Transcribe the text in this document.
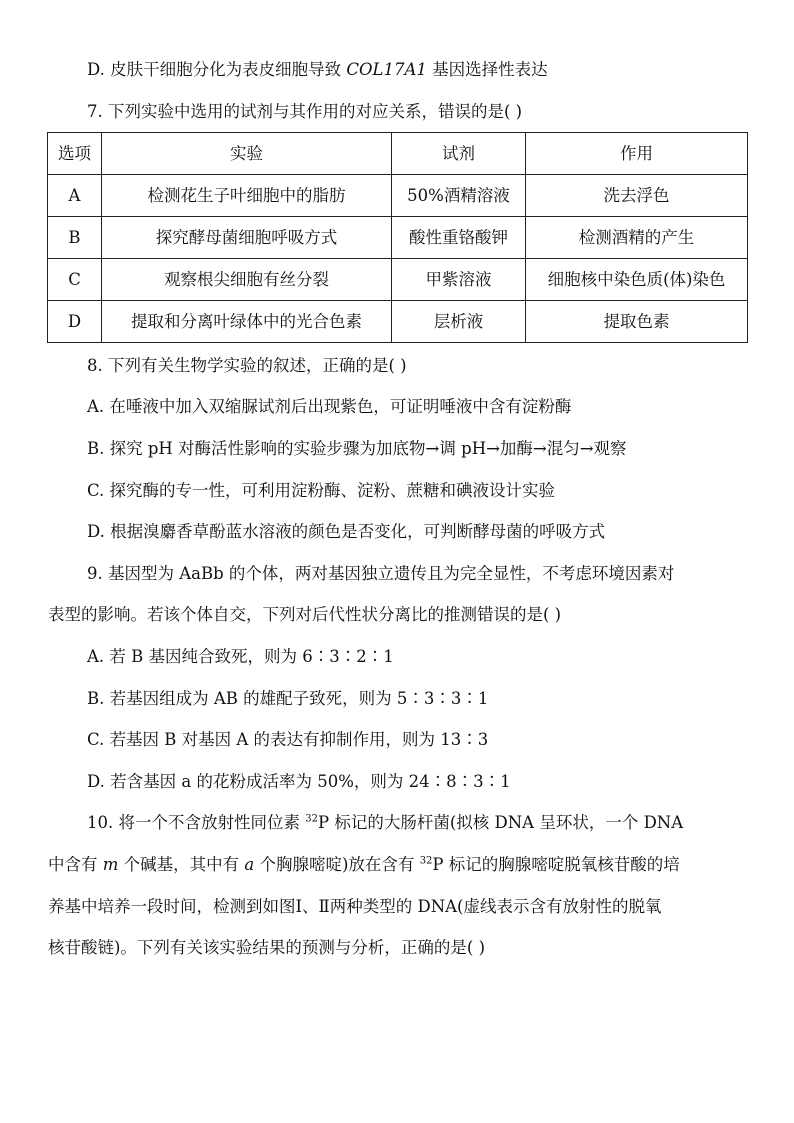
D. 皮肤干细胞分化为表皮细胞导致 COL17A1 基因选择性表达
7. 下列实验中选用的试剂与其作用的对应关系，错误的是( )
选项	实验	试剂	作用
A	检测花生子叶细胞中的脂肪	50%酒精溶液	洗去浮色
B	探究酵母菌细胞呼吸方式	酸性重铬酸钾	检测酒精的产生
C	观察根尖细胞有丝分裂	甲紫溶液	细胞核中染色质(体)染色
D	提取和分离叶绿体中的光合色素	层析液	提取色素
8. 下列有关生物学实验的叙述，正确的是( )
A. 在唾液中加入双缩脲试剂后出现紫色，可证明唾液中含有淀粉酶
B. 探究 pH 对酶活性影响的实验步骤为加底物→调 pH→加酶→混匀→观察
C. 探究酶的专一性，可利用淀粉酶、淀粉、蔗糖和碘液设计实验
D. 根据溴麝香草酚蓝水溶液的颜色是否变化，可判断酵母菌的呼吸方式
9. 基因型为 AaBb 的个体，两对基因独立遗传且为完全显性，不考虑环境因素对
表型的影响。若该个体自交，下列对后代性状分离比的推测错误的是( )
A. 若 B 基因纯合致死，则为 6∶3∶2∶1
B. 若基因组成为 AB 的雄配子致死，则为 5∶3∶3∶1
C. 若基因 B 对基因 A 的表达有抑制作用，则为 13∶3
D. 若含基因 a 的花粉成活率为 50%，则为 24∶8∶3∶1
10. 将一个不含放射性同位素 $^{32}$P 标记的大肠杆菌(拟核 DNA 呈环状，一个 DNA
中含有 m 个碱基，其中有 a 个胸腺嘧啶)放在含有 $^{32}$P 标记的胸腺嘧啶脱氧核苷酸的培
养基中培养一段时间，检测到如图Ⅰ、Ⅱ两种类型的 DNA(虚线表示含有放射性的脱氧
核苷酸链)。下列有关该实验结果的预测与分析，正确的是( )
